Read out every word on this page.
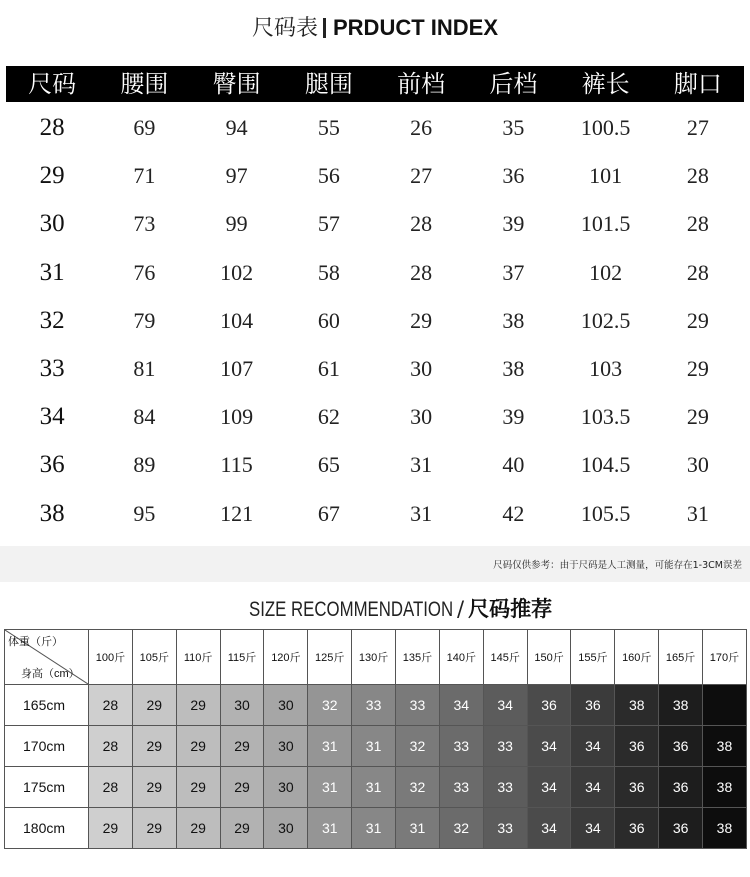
尺码表 PRDUCT INDEX
尺码	腰围	臀围	腿围	前档	后档	裤长	脚口
28	69	94	55	26	35	100.5	27
29	71	97	56	27	36	101	28
30	73	99	57	28	39	101.5	28
31	76	102	58	28	37	102	28
32	79	104	60	29	38	102.5	29
33	81	107	61	30	38	103	29
34	84	109	62	30	39	103.5	29
36	89	115	65	31	40	104.5	30
38	95	121	67	31	42	105.5	31
尺码仅供参考：由于尺码是人工测量，可能存在1-3CM误差
SIZE RECOMMENDATION / 尺码推荐
体重（斤）
身高（cm）	100斤	105斤	110斤	115斤	120斤	125斤	130斤	135斤	140斤	145斤	150斤	155斤	160斤	165斤	170斤
165cm	28	29	29	30	30	32	33	33	34	34	36	36	38	38	
170cm	28	29	29	29	30	31	31	32	33	33	34	34	36	36	38
175cm	28	29	29	29	30	31	31	32	33	33	34	34	36	36	38
180cm	29	29	29	29	30	31	31	31	32	33	34	34	36	36	38
